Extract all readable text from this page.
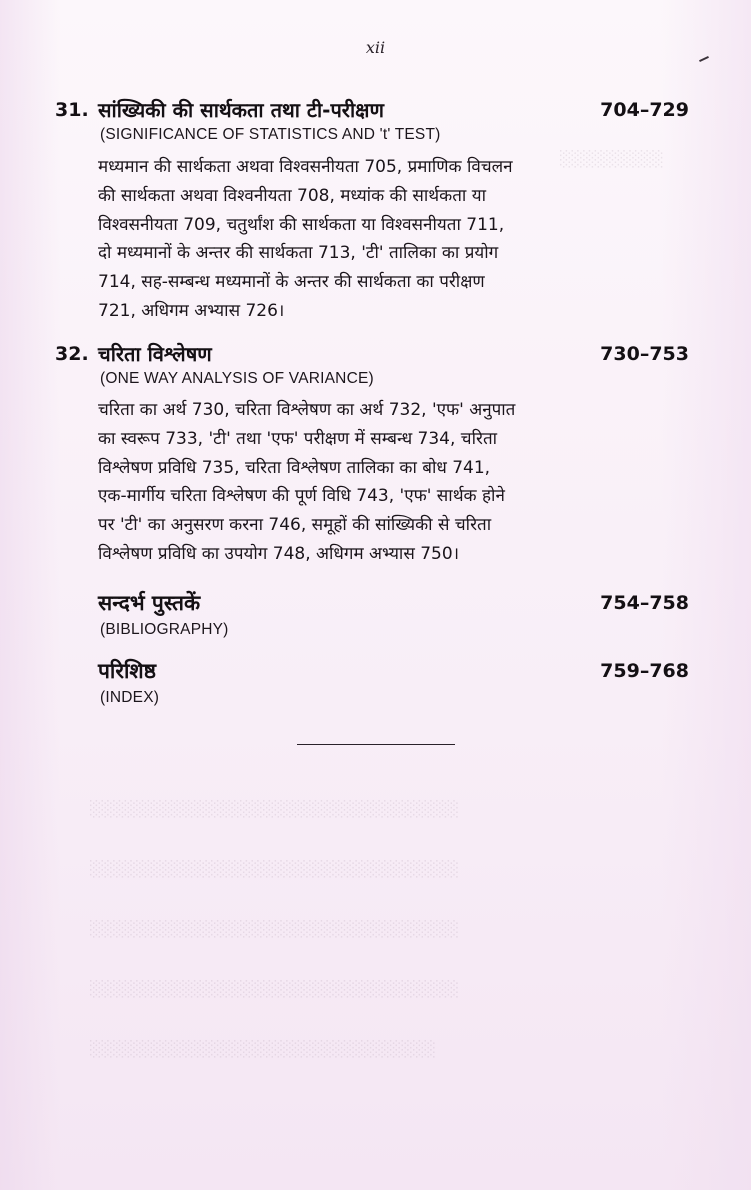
░░░░░░░░░
░░░░░░░░░░░░░░░░░░░░░░░░░░░░░░░░
░░░░░░░░░░░░░░░░░░░░░░░░░░░░░░░░
░░░░░░░░░░░░░░░░░░░░░░░░░░░░░░░░
░░░░░░░░░░░░░░░░░░░░░░░░░░░░░░░░
░░░░░░░░░░░░░░░░░░░░░░░░░░░░░░
xii
31. सांख्यिकी की सार्थकता तथा टी-परीक्षण	704–729
(SIGNIFICANCE OF STATISTICS AND 't' TEST)
मध्यमान की सार्थकता अथवा विश्वसनीयता 705, प्रमाणिक विचलन
की सार्थकता अथवा विश्वनीयता 708, मध्यांक की सार्थकता या
विश्वसनीयता 709, चतुर्थांश की सार्थकता या विश्वसनीयता 711,
दो मध्यमानों के अन्तर की सार्थकता 713, 'टी' तालिका का प्रयोग
714, सह-सम्बन्ध मध्यमानों के अन्तर की सार्थकता का परीक्षण
721, अधिगम अभ्यास 726।
32. चरिता विश्लेषण	730–753
(ONE WAY ANALYSIS OF VARIANCE)
चरिता का अर्थ 730, चरिता विश्लेषण का अर्थ 732, 'एफ' अनुपात
का स्वरूप 733, 'टी' तथा 'एफ' परीक्षण में सम्बन्ध 734, चरिता
विश्लेषण प्रविधि 735, चरिता विश्लेषण तालिका का बोध 741,
एक-मार्गीय चरिता विश्लेषण की पूर्ण विधि 743, 'एफ' सार्थक होने
पर 'टी' का अनुसरण करना 746, समूहों की सांख्यिकी से चरिता
विश्लेषण प्रविधि का उपयोग 748, अधिगम अभ्यास 750।
सन्दर्भ पुस्तकें	754–758
(BIBLIOGRAPHY)
परिशिष्ठ	759–768
(INDEX)
